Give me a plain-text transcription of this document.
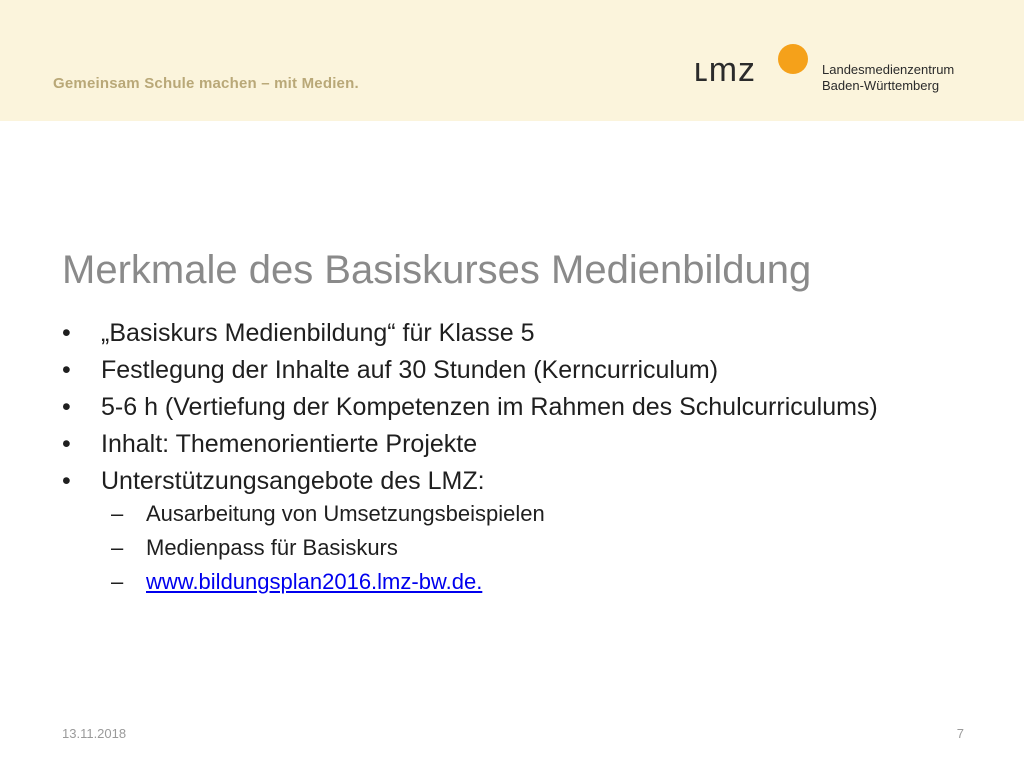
Gemeinsam Schule machen – mit Medien.	ʟmz	Landesmedienzentrum
Baden-Württemberg
Merkmale des Basiskurses Medienbildung
• „Basiskurs Medienbildung“ für Klasse 5
• Festlegung der Inhalte auf 30 Stunden (Kerncurriculum)
• 5-6 h (Vertiefung der Kompetenzen im Rahmen des Schulcurriculums)
• Inhalt: Themenorientierte Projekte
• Unterstützungsangebote des LMZ:
– Ausarbeitung von Umsetzungsbeispielen
– Medienpass für Basiskurs
– www.bildungsplan2016.lmz-bw.de.
13.11.2018	7
